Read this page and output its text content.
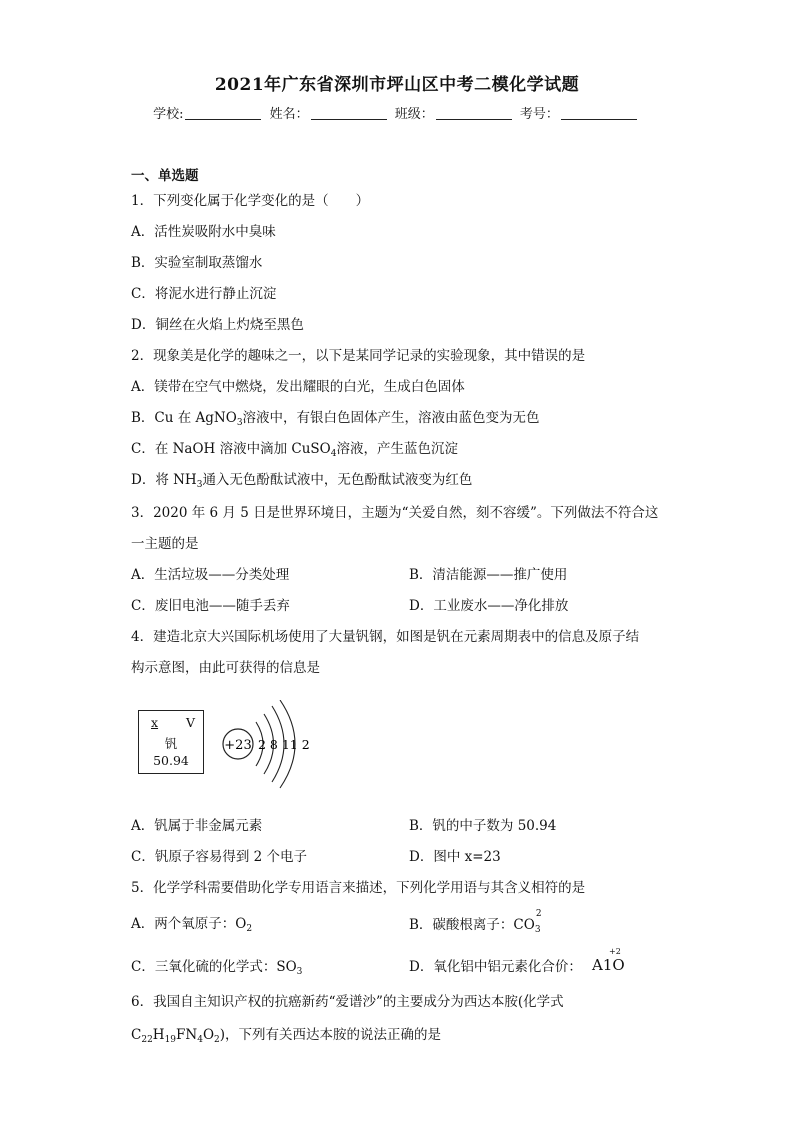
2021年广东省深圳市坪山区中考二模化学试题
学校:	姓名：	班级：	考号：
一、单选题
1．下列变化属于化学变化的是（　　）
A．活性炭吸附水中臭味
B．实验室制取蒸馏水
C．将泥水进行静止沉淀
D．铜丝在火焰上灼烧至黑色
2．现象美是化学的趣味之一，以下是某同学记录的实验现象，其中错误的是
A．镁带在空气中燃烧，发出耀眼的白光，生成白色固体
B．Cu 在 AgNO$_3$溶液中，有银白色固体产生，溶液由蓝色变为无色
C．在 NaOH 溶液中滴加 CuSO$_4$溶液，产生蓝色沉淀
D．将 $NH_3$通入无色酚酞试液中，无色酚酞试液变为红色
3．2020 年 6 月 5 日是世界环境日，主题为“关爱自然，刻不容缓”。下列做法不符合这
一主题的是
A．生活垃圾——分类处理	B．清洁能源——推广使用
C．废旧电池——随手丢弃	D．工业废水——净化排放
4．建造北京大兴国际机场使用了大量钒钢，如图是钒在元素周期表中的信息及原子结
构示意图，由此可获得的信息是
x V
钒
50.94
+23 2 8 11 2
A．钒属于非金属元素	B．钒的中子数为 50.94
C．钒原子容易得到 2 个电子	D．图中 x=23
5．化学学科需要借助化学专用语言来描述，下列化学用语与其含义相符的是
A．两个氧原子：$O_2$	B．碳酸根离子：CO 3
2
C．三氧化硫的化学式：$SO_3$	D．氧化铝中铝元素化合价： A1O
+2
6．我国自主知识产权的抗癌新药“爱谱沙”的主要成分为西达本胺(化学式
$C_{22}H_{19}FN_4O_2$)，下列有关西达本胺的说法正确的是
